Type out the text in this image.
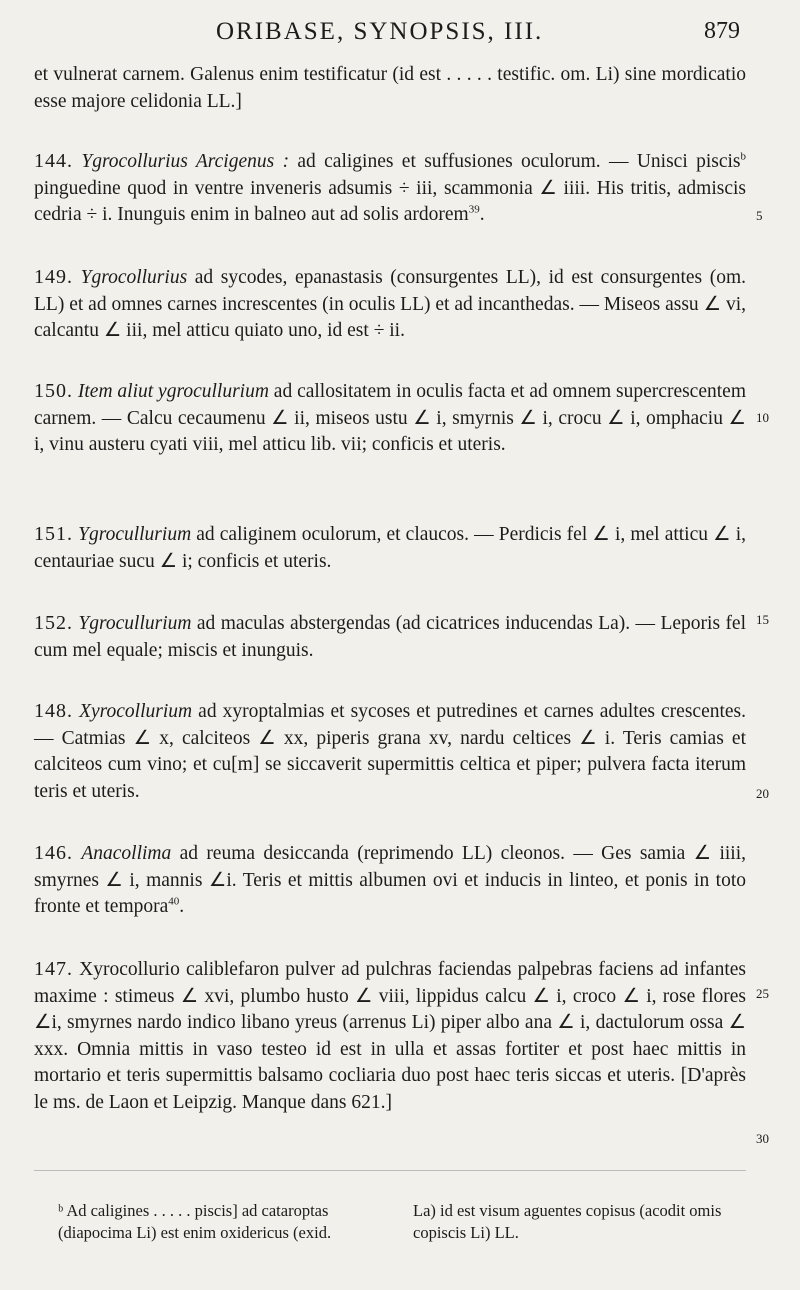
ORIBASE, SYNOPSIS, III.	879

et vulnerat carnem. Galenus enim testificatur (id est . . . . . testific. om. Li) sine mordicatio esse majore celidonia LL.]

144. Ygrocollurius Arcigenus : ad caligines et suffusiones oculorum. — Unisci piscis$^b$ pinguedine quod in ventre inveneris adsumis ÷ iii, scammonia ∠ iiii. His tritis, admiscis cedria ÷ i. Inunguis enim in balneo aut ad solis ardorem$^{39}$.

149. Ygrocollurius ad sycodes, epanastasis (consurgentes LL), id est consurgentes (om. LL) et ad omnes carnes increscentes (in oculis LL) et ad incanthedas. — Miseos assu ∠ vi, calcantu ∠ iii, mel atticu quiato uno, id est ÷ ii.

150. Item aliut ygrocullurium ad callositatem in oculis facta et ad omnem supercrescentem carnem. — Calcu cecaumenu ∠ ii, miseos ustu ∠ i, smyrnis ∠ i, crocu ∠ i, omphaciu ∠ i, vinu austeru cyati viii, mel atticu lib. vii; conficis et uteris.

151. Ygrocullurium ad caliginem oculorum, et claucos. — Perdicis fel ∠ i, mel atticu ∠ i, centauriae sucu ∠ i; conficis et uteris.

152. Ygrocullurium ad maculas abstergendas (ad cicatrices inducendas La). — Leporis fel cum mel equale; miscis et inunguis.

148. Xyrocollurium ad xyroptalmias et sycoses et putredines et carnes adultes crescentes. — Catmias ∠ x, calciteos ∠ xx, piperis grana xv, nardu celtices ∠ i. Teris camias et calciteos cum vino; et cu[m] se siccaverit supermittis celtica et piper; pulvera facta iterum teris et uteris.

146. Anacollima ad reuma desiccanda (reprimendo LL) cleonos. — Ges samia ∠ iiii, smyrnes ∠ i, mannis ∠i. Teris et mittis albumen ovi et inducis in linteo, et ponis in toto fronte et tempora$^{40}$.

147. Xyrocollurio caliblefaron pulver ad pulchras faciendas palpebras faciens ad infantes maxime : stimeus ∠ xvi, plumbo husto ∠ viii, lippidus calcu ∠ i, croco ∠ i, rose flores ∠i, smyrnes nardo indico libano yreus (arrenus Li) piper albo ana ∠ i, dactulorum ossa ∠ xxx. Omnia mittis in vaso testeo id est in ulla et assas fortiter et post haec mittis in mortario et teris supermittis balsamo cocliaria duo post haec teris siccas et uteris. [D'après le ms. de Laon et Leipzig. Manque dans 621.]

5
10
15
20
25
30
ᵇ Ad caligines . . . . . piscis] ad cataroptas (diapocima Li) est enim oxidericus (exid.
La) id est visum aguentes copisus (acodit omis copiscis Li) LL.
